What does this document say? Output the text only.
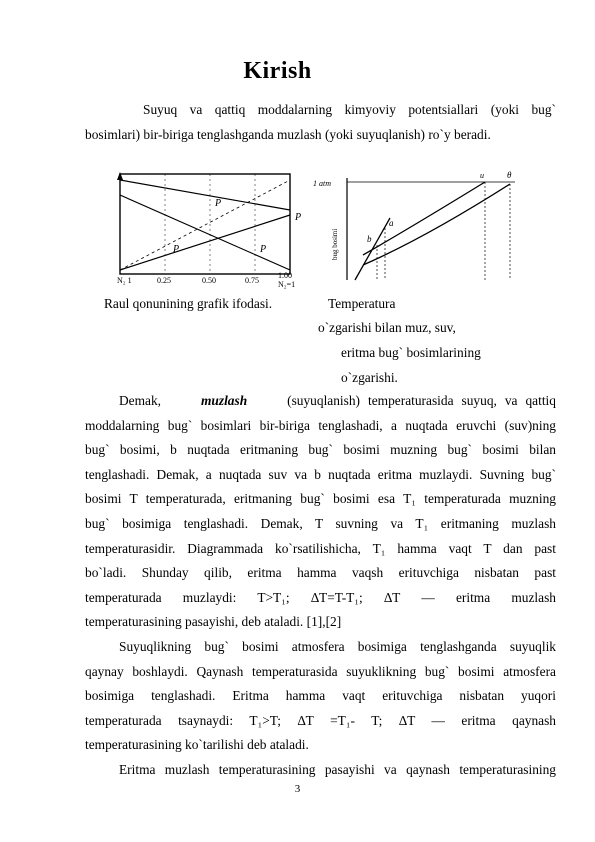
Kirish
Suyuq va qattiq moddalarning kimyoviy potentsiallari (yoki bug`
bosimlari) bir-biriga tenglashganda muzlash (yoki suyuqlanish) ro`y beradi.
P
P	P
P
N₂ 1	0.25	0.50	0.75
1.00
N₂=1
1 atm
bug bosimi
u	θ
a
b
Raul qonunining grafik ifodasi.	Temperatura
o`zgarishi bilan muz, suv,
eritma bug` bosimlarining
o`zgarishi.
Demak,	muzlash	(suyuqlanish) temperaturasida suyuq, va qattiq
moddalarning bug` bosimlari bir-biriga tenglashadi, a nuqtada eruvchi (suv)ning
bug` bosimi, b nuqtada eritmaning bug` bosimi muzning bug` bosimi bilan
tenglashadi. Demak, a nuqtada suv va b nuqtada eritma muzlaydi. Suvning bug`
bosimi T temperaturada, eritmaning bug` bosimi esa T₁ temperaturada muzning
bug` bosimiga tenglashadi. Demak, T suvning va T₁ eritmaning muzlash
temperaturasidir. Diagrammada ko`rsatilishicha, T₁ hamma vaqt T dan past
bo`ladi. Shunday qilib, eritma hamma vaqsh erituvchiga nisbatan past
temperaturada muzlaydi: T>T₁; ∆T=T-T₁; ∆T — eritma muzlash
temperaturasining pasayishi, deb ataladi. [1],[2]
Suyuqlikning bug` bosimi atmosfera bosimiga tenglashganda suyuqlik
qaynay boshlaydi. Qaynash temperaturasida suyuklikning bug` bosimi atmosfera
bosimiga tenglashadi. Eritma hamma vaqt erituvchiga nisbatan yuqori
temperaturada tsaynaydi: T₁>T; ∆T =T₁- T; ∆T — eritma qaynash
temperaturasining ko`tarilishi deb ataladi.
Eritma muzlash temperaturasining pasayishi va qaynash temperaturasining
3
